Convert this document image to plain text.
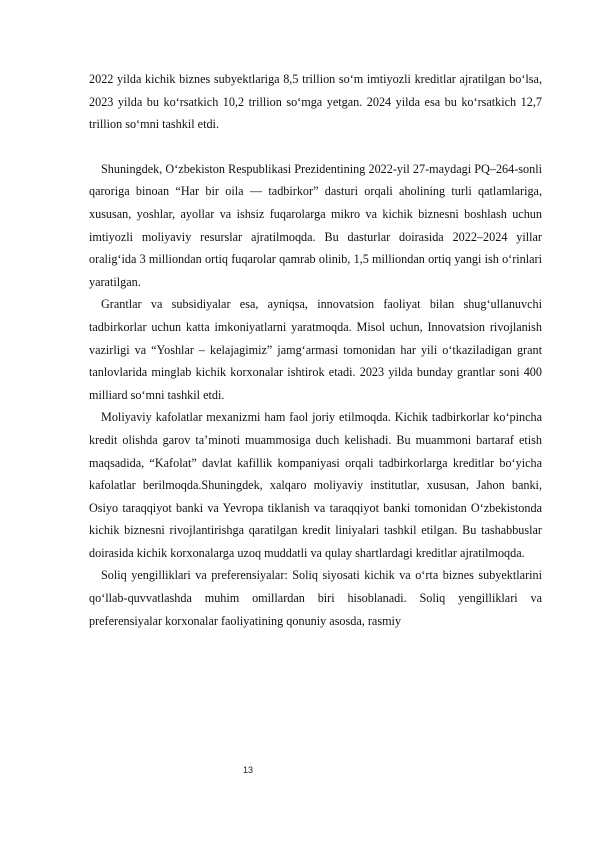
2022 yilda kichik biznes subyektlariga 8,5 trillion so‘m imtiyozli kreditlar ajratilgan bo‘lsa, 2023 yilda bu ko‘rsatkich 10,2 trillion so‘mga yetgan. 2024 yilda esa bu ko‘rsatkich 12,7 trillion so‘mni tashkil etdi.

Shuningdek, O‘zbekiston Respublikasi Prezidentining 2022-yil 27-maydagi PQ–264-sonli qaroriga binoan “Har bir oila — tadbirkor” dasturi orqali aholining turli qatlamlariga, xususan, yoshlar, ayollar va ishsiz fuqarolarga mikro va kichik biznesni boshlash uchun imtiyozli moliyaviy resurslar ajratilmoqda. Bu dasturlar doirasida 2022–2024 yillar oralig‘ida 3 milliondan ortiq fuqarolar qamrab olinib, 1,5 milliondan ortiq yangi ish o‘rinlari yaratilgan.

Grantlar va subsidiyalar esa, ayniqsa, innovatsion faoliyat bilan shug‘ullanuvchi tadbirkorlar uchun katta imkoniyatlarni yaratmoqda. Misol uchun, Innovatsion rivojlanish vazirligi va “Yoshlar – kelajagimiz” jamg‘armasi tomonidan har yili o‘tkaziladigan grant tanlovlarida minglab kichik korxonalar ishtirok etadi. 2023 yilda bunday grantlar soni 400 milliard so‘mni tashkil etdi.

Moliyaviy kafolatlar mexanizmi ham faol joriy etilmoqda. Kichik tadbirkorlar ko‘pincha kredit olishda garov ta’minoti muammosiga duch kelishadi. Bu muammoni bartaraf etish maqsadida, “Kafolat” davlat kafillik kompaniyasi orqali tadbirkorlarga kreditlar bo‘yicha kafolatlar berilmoqda.Shuningdek, xalqaro moliyaviy institutlar, xususan, Jahon banki, Osiyo taraqqiyot banki va Yevropa tiklanish va taraqqiyot banki tomonidan O‘zbekistonda kichik biznesni rivojlantirishga qaratilgan kredit liniyalari tashkil etilgan. Bu tashabbuslar doirasida kichik korxonalarga uzoq muddatli va qulay shartlardagi kreditlar ajratilmoqda.

Soliq yengilliklari va preferensiyalar: Soliq siyosati kichik va o‘rta biznes subyektlarini qo‘llab-quvvatlashda muhim omillardan biri hisoblanadi. Soliq yengilliklari va preferensiyalar korxonalar faoliyatining qonuniy asosda, rasmiy

13
